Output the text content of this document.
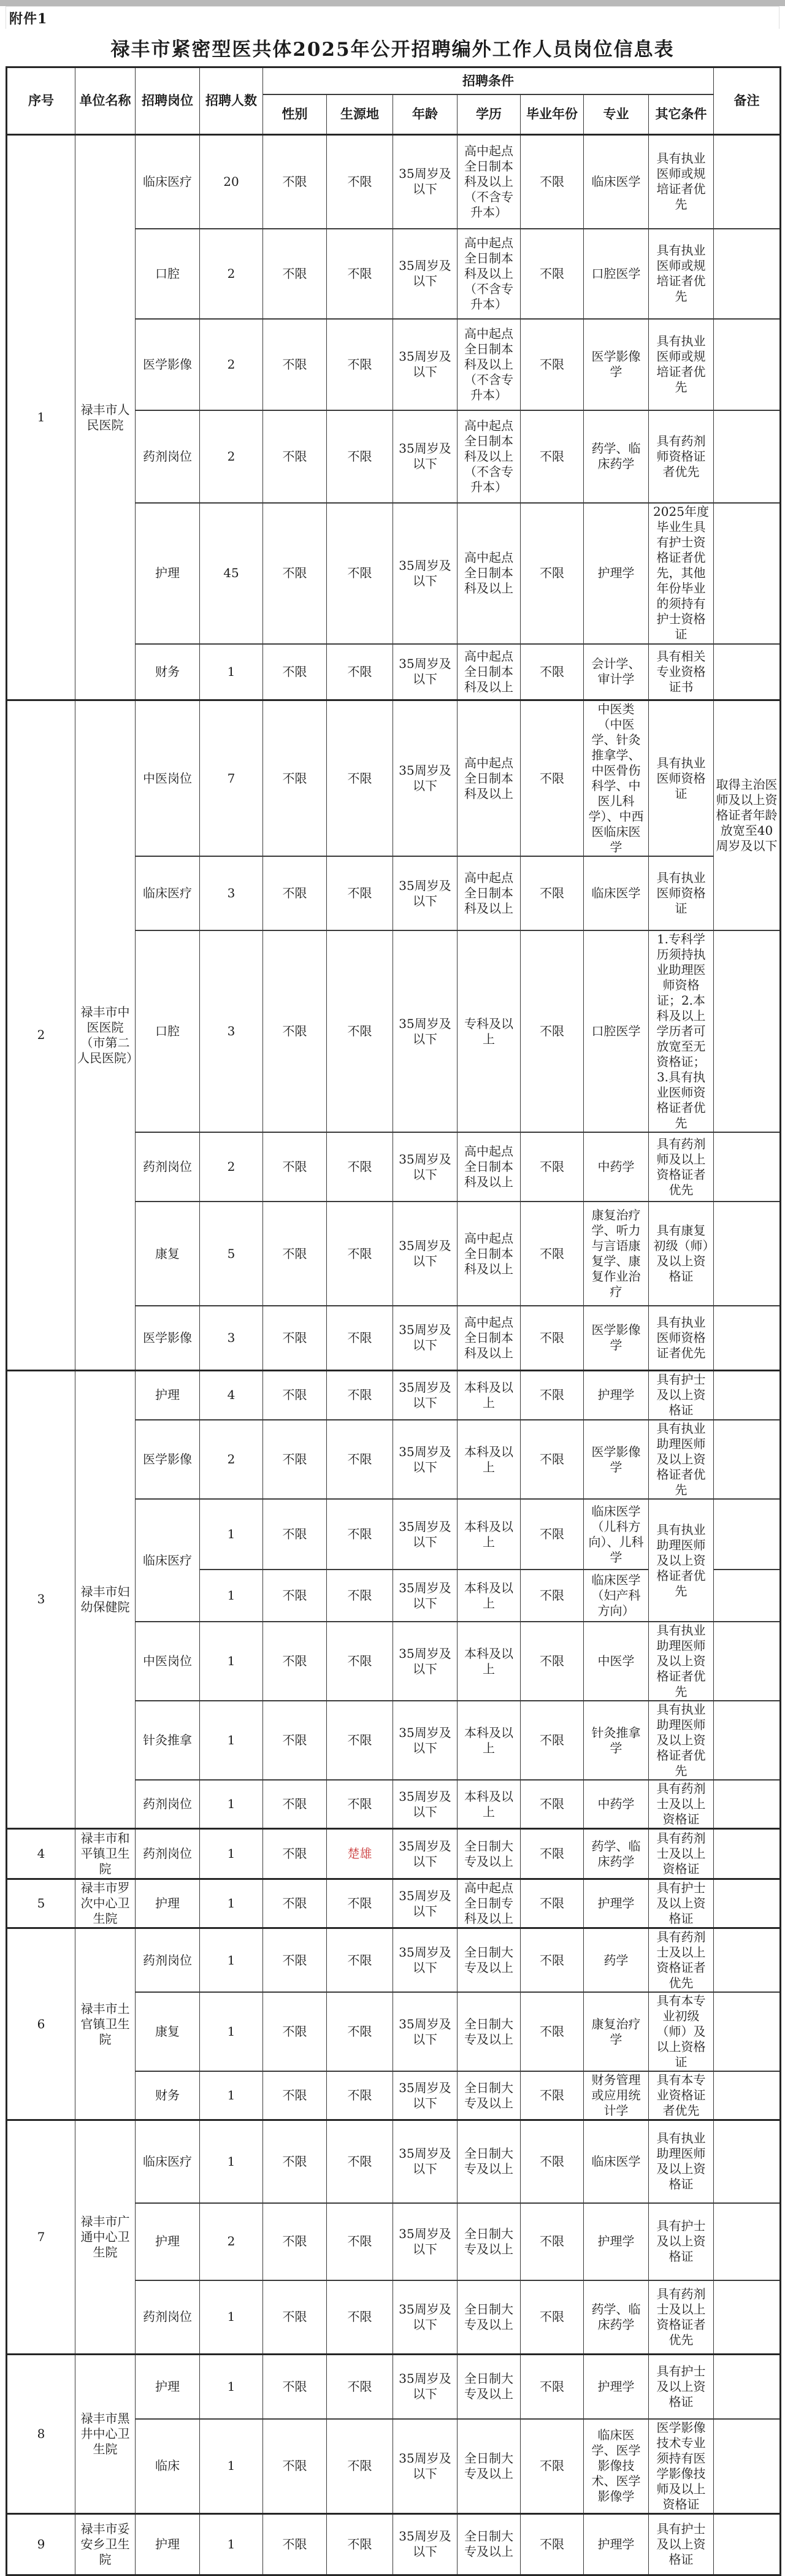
附件1
禄丰市紧密型医共体2025年公开招聘编外工作人员岗位信息表
序号	单位名称	招聘岗位	招聘人数	招聘条件							备注
				性别	生源地	年龄	学历	毕业年份	专业	其它条件	
1	禄丰市人民医院	临床医疗	20	不限	不限	35周岁及以下	高中起点全日制本科及以上（不含专升本）	不限	临床医学	具有执业医师或规培证者优先	
		口腔	2	不限	不限	35周岁及以下	高中起点全日制本科及以上（不含专升本）	不限	口腔医学	具有执业医师或规培证者优先	
		医学影像	2	不限	不限	35周岁及以下	高中起点全日制本科及以上（不含专升本）	不限	医学影像学	具有执业医师或规培证者优先	
		药剂岗位	2	不限	不限	35周岁及以下	高中起点全日制本科及以上（不含专升本）	不限	药学、临床药学	具有药剂师资格证者优先	
		护理	45	不限	不限	35周岁及以下	高中起点全日制本科及以上	不限	护理学	2025年度毕业生具有护士资格证者优先，其他年份毕业的须持有护士资格证	
		财务	1	不限	不限	35周岁及以下	高中起点全日制本科及以上	不限	会计学、审计学	具有相关专业资格证书	
2	禄丰市中医医院（市第二人民医院）	中医岗位	7	不限	不限	35周岁及以下	高中起点全日制本科及以上	不限	中医类（中医学、针灸推拿学、中医骨伤科学、中医儿科学）、中西医临床医学	具有执业医师资格证	取得主治医师及以上资格证者年龄放宽至40周岁及以下
		临床医疗	3	不限	不限	35周岁及以下	高中起点全日制本科及以上	不限	临床医学	具有执业医师资格证	
		口腔	3	不限	不限	35周岁及以下	专科及以上	不限	口腔医学	1.专科学历须持执业助理医师资格证；2.本科及以上学历者可放宽至无资格证；3.具有执业医师资格证者优先	
		药剂岗位	2	不限	不限	35周岁及以下	高中起点全日制本科及以上	不限	中药学	具有药剂师及以上资格证者优先	
		康复	5	不限	不限	35周岁及以下	高中起点全日制本科及以上	不限	康复治疗学、听力与言语康复学、康复作业治疗	具有康复初级（师）及以上资格证	
		医学影像	3	不限	不限	35周岁及以下	高中起点全日制本科及以上	不限	医学影像学	具有执业医师资格证者优先	
3	禄丰市妇幼保健院	护理	4	不限	不限	35周岁及以下	本科及以上	不限	护理学	具有护士及以上资格证	
		医学影像	2	不限	不限	35周岁及以下	本科及以上	不限	医学影像学	具有执业助理医师及以上资格证者优先	
		临床医疗	1	不限	不限	35周岁及以下	本科及以上	不限	临床医学（儿科方向）、儿科学	具有执业助理医师及以上资格证者优先	
			1	不限	不限	35周岁及以下	本科及以上	不限	临床医学（妇产科方向）		
		中医岗位	1	不限	不限	35周岁及以下	本科及以上	不限	中医学	具有执业助理医师及以上资格证者优先	
		针灸推拿	1	不限	不限	35周岁及以下	本科及以上	不限	针灸推拿学	具有执业助理医师及以上资格证者优先	
		药剂岗位	1	不限	不限	35周岁及以下	本科及以上	不限	中药学	具有药剂士及以上资格证	
4	禄丰市和平镇卫生院	药剂岗位	1	不限	楚雄	35周岁及以下	全日制大专及以上	不限	药学、临床药学	具有药剂士及以上资格证	
5	禄丰市罗次中心卫生院	护理	1	不限	不限	35周岁及以下	高中起点全日制专科及以上	不限	护理学	具有护士及以上资格证	
6	禄丰市土官镇卫生院	药剂岗位	1	不限	不限	35周岁及以下	全日制大专及以上	不限	药学	具有药剂士及以上资格证者优先	
		康复	1	不限	不限	35周岁及以下	全日制大专及以上	不限	康复治疗学	具有本专业初级（师）及以上资格证	
		财务	1	不限	不限	35周岁及以下	全日制大专及以上	不限	财务管理或应用统计学	具有本专业资格证者优先	
7	禄丰市广通中心卫生院	临床医疗	1	不限	不限	35周岁及以下	全日制大专及以上	不限	临床医学	具有执业助理医师及以上资格证	
		护理	2	不限	不限	35周岁及以下	全日制大专及以上	不限	护理学	具有护士及以上资格证	
		药剂岗位	1	不限	不限	35周岁及以下	全日制大专及以上	不限	药学、临床药学	具有药剂士及以上资格证者优先	
8	禄丰市黑井中心卫生院	护理	1	不限	不限	35周岁及以下	全日制大专及以上	不限	护理学	具有护士及以上资格证	
		临床	1	不限	不限	35周岁及以下	全日制大专及以上	不限	临床医学、医学影像技术、医学影像学	医学影像技术专业须持有医学影像技师及以上资格证	
9	禄丰市妥安乡卫生院	护理	1	不限	不限	35周岁及以下	全日制大专及以上	不限	护理学	具有护士及以上资格证	
